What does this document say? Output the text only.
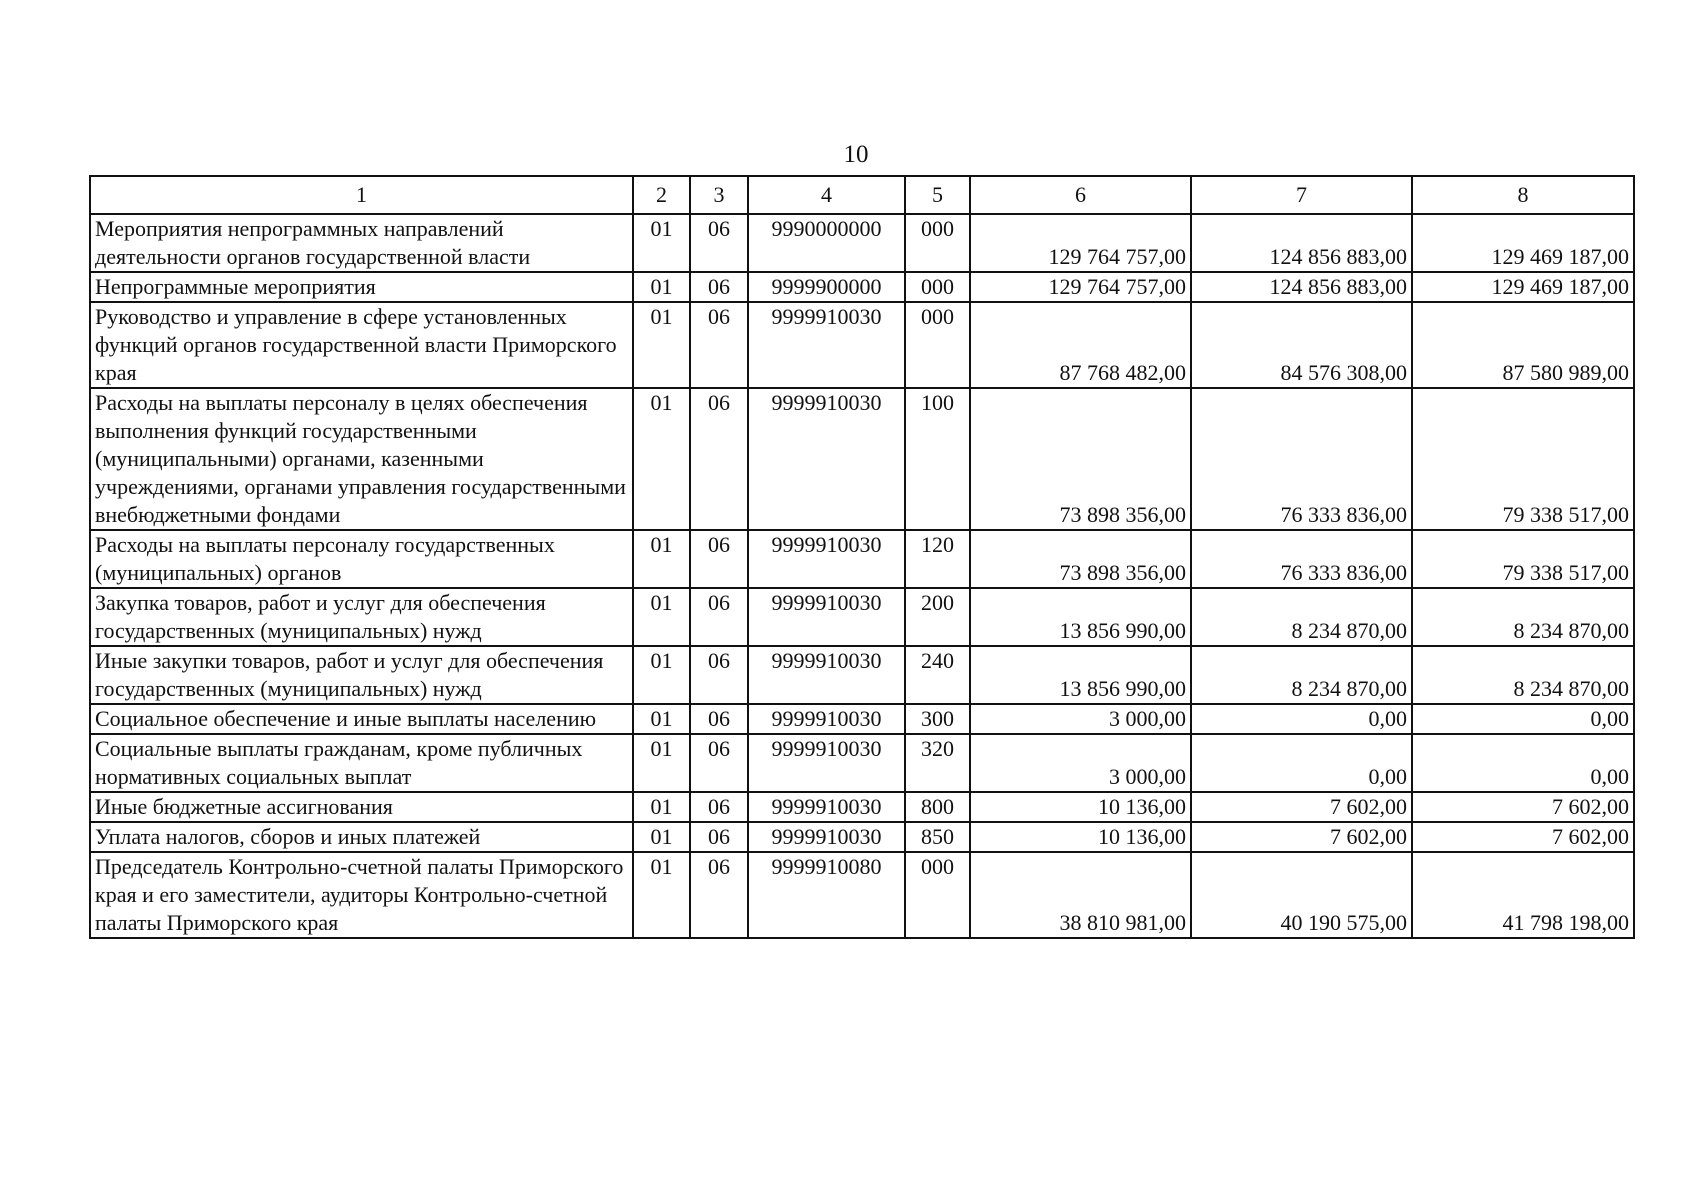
10
1	2	3	4	5	6	7	8
Мероприятия непрограммных направлений деятельности органов государственной власти	01	06	9990000000	000	129 764 757,00	124 856 883,00	129 469 187,00
Непрограммные мероприятия	01	06	9999900000	000	129 764 757,00	124 856 883,00	129 469 187,00
Руководство и управление в сфере установленных функций органов государственной власти Приморского края	01	06	9999910030	000	87 768 482,00	84 576 308,00	87 580 989,00
Расходы на выплаты персоналу в целях обеспечения выполнения функций государственными (муниципальными) органами, казенными учреждениями, органами управления государственными внебюджетными фондами	01	06	9999910030	100	73 898 356,00	76 333 836,00	79 338 517,00
Расходы на выплаты персоналу государственных (муниципальных) органов	01	06	9999910030	120	73 898 356,00	76 333 836,00	79 338 517,00
Закупка товаров, работ и услуг для обеспечения государственных (муниципальных) нужд	01	06	9999910030	200	13 856 990,00	8 234 870,00	8 234 870,00
Иные закупки товаров, работ и услуг для обеспечения государственных (муниципальных) нужд	01	06	9999910030	240	13 856 990,00	8 234 870,00	8 234 870,00
Социальное обеспечение и иные выплаты населению	01	06	9999910030	300	3 000,00	0,00	0,00
Социальные выплаты гражданам, кроме публичных нормативных социальных выплат	01	06	9999910030	320	3 000,00	0,00	0,00
Иные бюджетные ассигнования	01	06	9999910030	800	10 136,00	7 602,00	7 602,00
Уплата налогов, сборов и иных платежей	01	06	9999910030	850	10 136,00	7 602,00	7 602,00
Председатель Контрольно-счетной палаты Приморского края и его заместители, аудиторы Контрольно-счетной палаты Приморского края	01	06	9999910080	000	38 810 981,00	40 190 575,00	41 798 198,00
